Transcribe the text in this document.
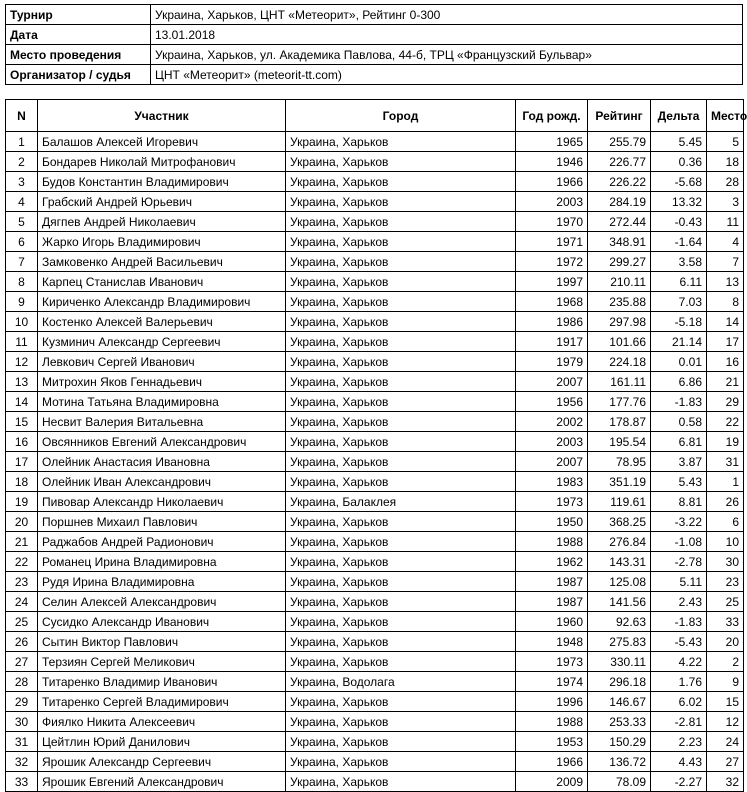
Турнир	Украина, Харьков, ЦНТ «Метеорит», Рейтинг 0-300
Дата	13.01.2018
Место проведения	Украина, Харьков, ул. Академика Павлова, 44-б, ТРЦ «Французский Бульвар»
Организатор / судья	ЦНТ «Метеорит» (meteorit-tt.com)
N	Участник	Город	Год рожд.	Рейтинг	Дельта	Место
1	Балашов Алексей Игоревич	Украина, Харьков	1965	255.79	5.45	5
2	Бондарев Николай Митрофанович	Украина, Харьков	1946	226.77	0.36	18
3	Будов Константин Владимирович	Украина, Харьков	1966	226.22	-5.68	28
4	Грабский Андрей Юрьевич	Украина, Харьков	2003	284.19	13.32	3
5	Дягпев Андрей Николаевич	Украина, Харьков	1970	272.44	-0.43	11
6	Жарко Игорь Владимирович	Украина, Харьков	1971	348.91	-1.64	4
7	Замковенко Андрей Васильевич	Украина, Харьков	1972	299.27	3.58	7
8	Карпец Станислав Иванович	Украина, Харьков	1997	210.11	6.11	13
9	Кириченко Александр Владимирович	Украина, Харьков	1968	235.88	7.03	8
10	Костенко Алексей Валерьевич	Украина, Харьков	1986	297.98	-5.18	14
11	Кузминич Александр Сергеевич	Украина, Харьков	1917	101.66	21.14	17
12	Левкович Сергей Иванович	Украина, Харьков	1979	224.18	0.01	16
13	Митрохин Яков Геннадьевич	Украина, Харьков	2007	161.11	6.86	21
14	Мотина Татьяна Владимировна	Украина, Харьков	1956	177.76	-1.83	29
15	Несвит Валерия Витальевна	Украина, Харьков	2002	178.87	0.58	22
16	Овсянников Евгений Александрович	Украина, Харьков	2003	195.54	6.81	19
17	Олейник Анастасия Ивановна	Украина, Харьков	2007	78.95	3.87	31
18	Олейник Иван Александрович	Украина, Харьков	1983	351.19	5.43	1
19	Пивовар Александр Николаевич	Украина, Балаклея	1973	119.61	8.81	26
20	Поршнев Михаил Павлович	Украина, Харьков	1950	368.25	-3.22	6
21	Раджабов Андрей Радионович	Украина, Харьков	1988	276.84	-1.08	10
22	Романец Ирина Владимировна	Украина, Харьков	1962	143.31	-2.78	30
23	Рудя Ирина Владимировна	Украина, Харьков	1987	125.08	5.11	23
24	Селин Алексей Александрович	Украина, Харьков	1987	141.56	2.43	25
25	Сусидко Александр Иванович	Украина, Харьков	1960	92.63	-1.83	33
26	Сытин Виктор Павлович	Украина, Харьков	1948	275.83	-5.43	20
27	Терзиян Сергей Меликович	Украина, Харьков	1973	330.11	4.22	2
28	Титаренко Владимир Иванович	Украина, Водолага	1974	296.18	1.76	9
29	Титаренко Сергей Владимирович	Украина, Харьков	1996	146.67	6.02	15
30	Фиялко Никита Алексеевич	Украина, Харьков	1988	253.33	-2.81	12
31	Цейтлин Юрий Данилович	Украина, Харьков	1953	150.29	2.23	24
32	Ярошик Александр Сергеевич	Украина, Харьков	1966	136.72	4.43	27
33	Ярошик Евгений Александрович	Украина, Харьков	2009	78.09	-2.27	32
